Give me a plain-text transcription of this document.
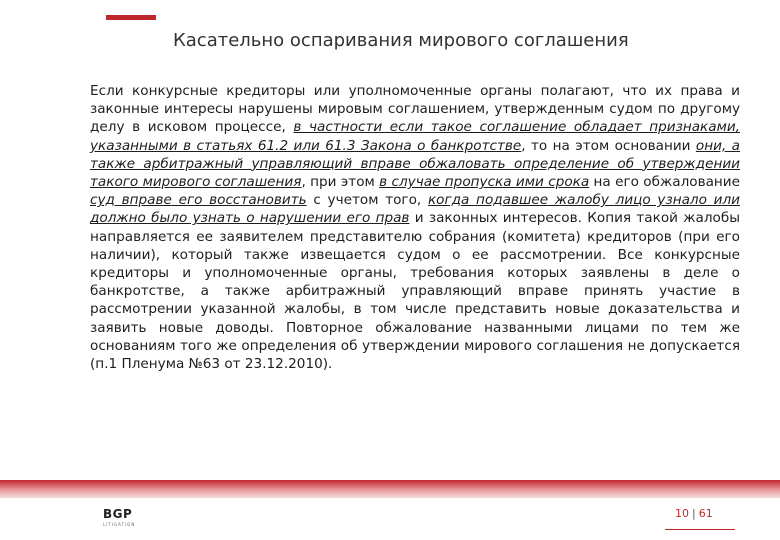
Касательно оспаривания мирового соглашения
Если конкурсные кредиторы или уполномоченные органы полагают, что их права и законные интересы нарушены мировым соглашением, утвержденным судом по другому делу в исковом процессе, в частности если такое соглашение обладает признаками, указанными в статьях 61.2 или 61.3 Закона о банкротстве, то на этом основании они, а также арбитражный управляющий вправе обжаловать определение об утверждении такого мирового соглашения, при этом в случае пропуска ими срока на его обжалование суд вправе его восстановить с учетом того, когда подавшее жалобу лицо узнало или должно было узнать о нарушении его прав и законных интересов. Копия такой жалобы направляется ее заявителем представителю собрания (комитета) кредиторов (при его наличии), который также извещается судом о ее рассмотрении. Все конкурсные кредиторы и уполномоченные органы, требования которых заявлены в деле о банкротстве, а также арбитражный управляющий вправе принять участие в рассмотрении указанной жалобы, в том числе представить новые доказательства и заявить новые доводы. Повторное обжалование названными лицами по тем же основаниям того же определения об утверждении мирового соглашения не допускается (п.1 Пленума №63 от 23.12.2010).
BGP
LITIGATION
10 | 61
